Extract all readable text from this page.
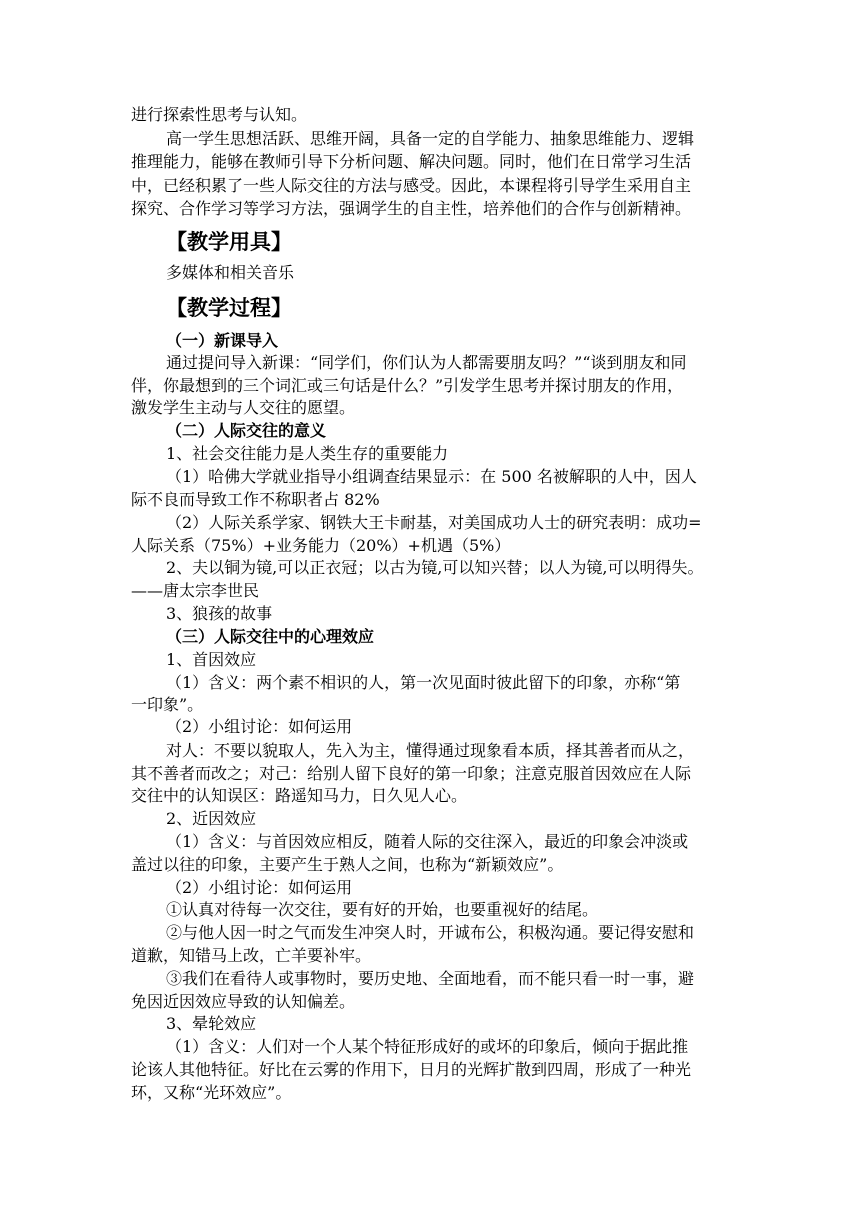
进行探索性思考与认知。
高一学生思想活跃、思维开阔，具备一定的自学能力、抽象思维能力、逻辑
推理能力，能够在教师引导下分析问题、解决问题。同时，他们在日常学习生活
中，已经积累了一些人际交往的方法与感受。因此，本课程将引导学生采用自主
探究、合作学习等学习方法，强调学生的自主性，培养他们的合作与创新精神。
【教学用具】
多媒体和相关音乐
【教学过程】
（一）新课导入
通过提问导入新课：“同学们，你们认为人都需要朋友吗？”“谈到朋友和同
伴，你最想到的三个词汇或三句话是什么？”引发学生思考并探讨朋友的作用，
激发学生主动与人交往的愿望。
（二）人际交往的意义
1、社会交往能力是人类生存的重要能力
（1）哈佛大学就业指导小组调查结果显示：在 500 名被解职的人中，因人
际不良而导致工作不称职者占 82%
（2）人际关系学家、钢铁大王卡耐基，对美国成功人士的研究表明：成功=
人际关系（75%）+业务能力（20%）+机遇（5%）
2、夫以铜为镜,可以正衣冠；以古为镜,可以知兴替；以人为镜,可以明得失。
——唐太宗李世民
3、狼孩的故事
（三）人际交往中的心理效应
1、首因效应
（1）含义：两个素不相识的人，第一次见面时彼此留下的印象，亦称“第
一印象”。
（2）小组讨论：如何运用
对人：不要以貌取人，先入为主，懂得通过现象看本质，择其善者而从之，
其不善者而改之；对己：给别人留下良好的第一印象；注意克服首因效应在人际
交往中的认知误区：路遥知马力，日久见人心。
2、近因效应
（1）含义：与首因效应相反，随着人际的交往深入，最近的印象会冲淡或
盖过以往的印象，主要产生于熟人之间，也称为“新颖效应”。
（2）小组讨论：如何运用
①认真对待每一次交往，要有好的开始，也要重视好的结尾。
②与他人因一时之气而发生冲突人时，开诚布公，积极沟通。要记得安慰和
道歉，知错马上改，亡羊要补牢。
③我们在看待人或事物时，要历史地、全面地看，而不能只看一时一事，避
免因近因效应导致的认知偏差。
3、晕轮效应
（1）含义：人们对一个人某个特征形成好的或坏的印象后，倾向于据此推
论该人其他特征。好比在云雾的作用下，日月的光辉扩散到四周，形成了一种光
环，又称“光环效应”。
